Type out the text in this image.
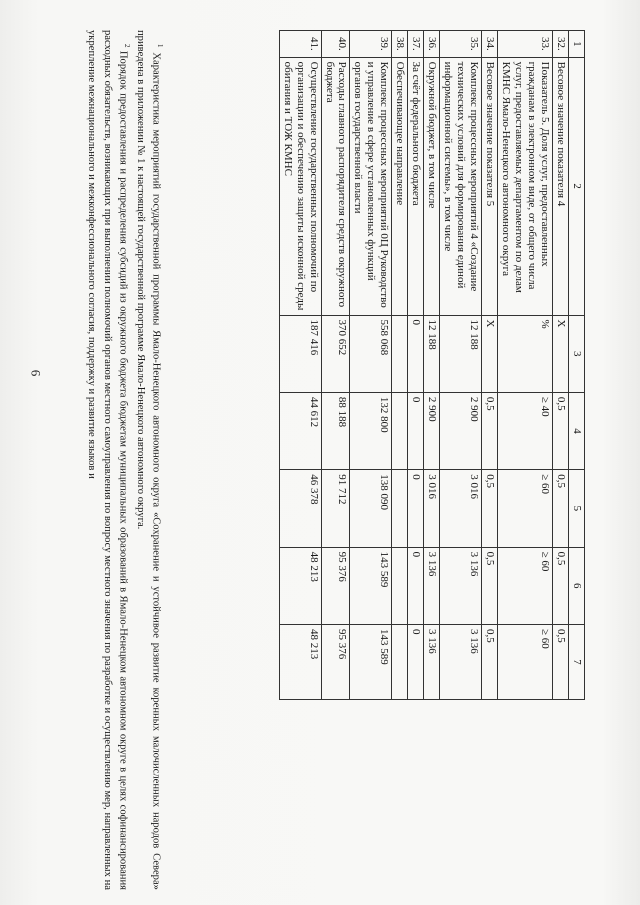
6
1	2	3	4	5	6	7
32.	Весовое значение показателя 4	Х	0,5	0,5	0,5	0,5
33.	Показатель 5. Доля услуг, предоставленных гражданам в электронном виде, от общего числа услуг, предоставляемых департаментом по делам КМНС Ямало-Ненецкого автономного округа	%	≥ 40	≥ 60	≥ 60	≥ 60
34.	Весовое значение показателя 5	Х	0,5	0,5	0,5	0,5
35.	Комплекс процессных мероприятий 4 «Создание технических условий для формирования единой информационной системы», в том числе	12 188	2 900	3 016	3 136	3 136
36.	Окружной бюджет, в том числе	12 188	2 900	3 016	3 136	3 136
37.	За счёт федерального бюджета	0	0	0	0	0
38.	Обеспечивающее направление					
39.	Комплекс процессных мероприятий 0Ц Руководство и управление в сфере установленных функций органов государственной власти	558 068	132 800	138 090	143 589	143 589
40.	Расходы главного распорядителя средств окружного бюджета	370 652	88 188	91 712	95 376	95 376
41.	Осуществление государственных полномочий по организации и обеспечению защиты исконной среды обитания и ТОЖ КМНС	187 416	44 612	46 378	48 213	48 213

$^1$ Характеристика мероприятий государственной программы Ямало-Ненецкого автономного округа «Сохранение и устойчивое развитие коренных малочисленных народов Севера» приведена в приложении № 1 к настоящей государственной программе Ямало-Ненецкого автономного округа.

$^2$ Порядок предоставления и распределения субсидий из окружного бюджета бюджетам муниципальных образований в Ямало-Ненецком автономном округе в целях софинансирования расходных обязательств, возникающих при выполнении полномочий органов местного самоуправления по вопросу местного значения по разработке и осуществлению мер, направленных на укрепление межнационального и межконфессионального согласия, поддержку и развитие языков и
